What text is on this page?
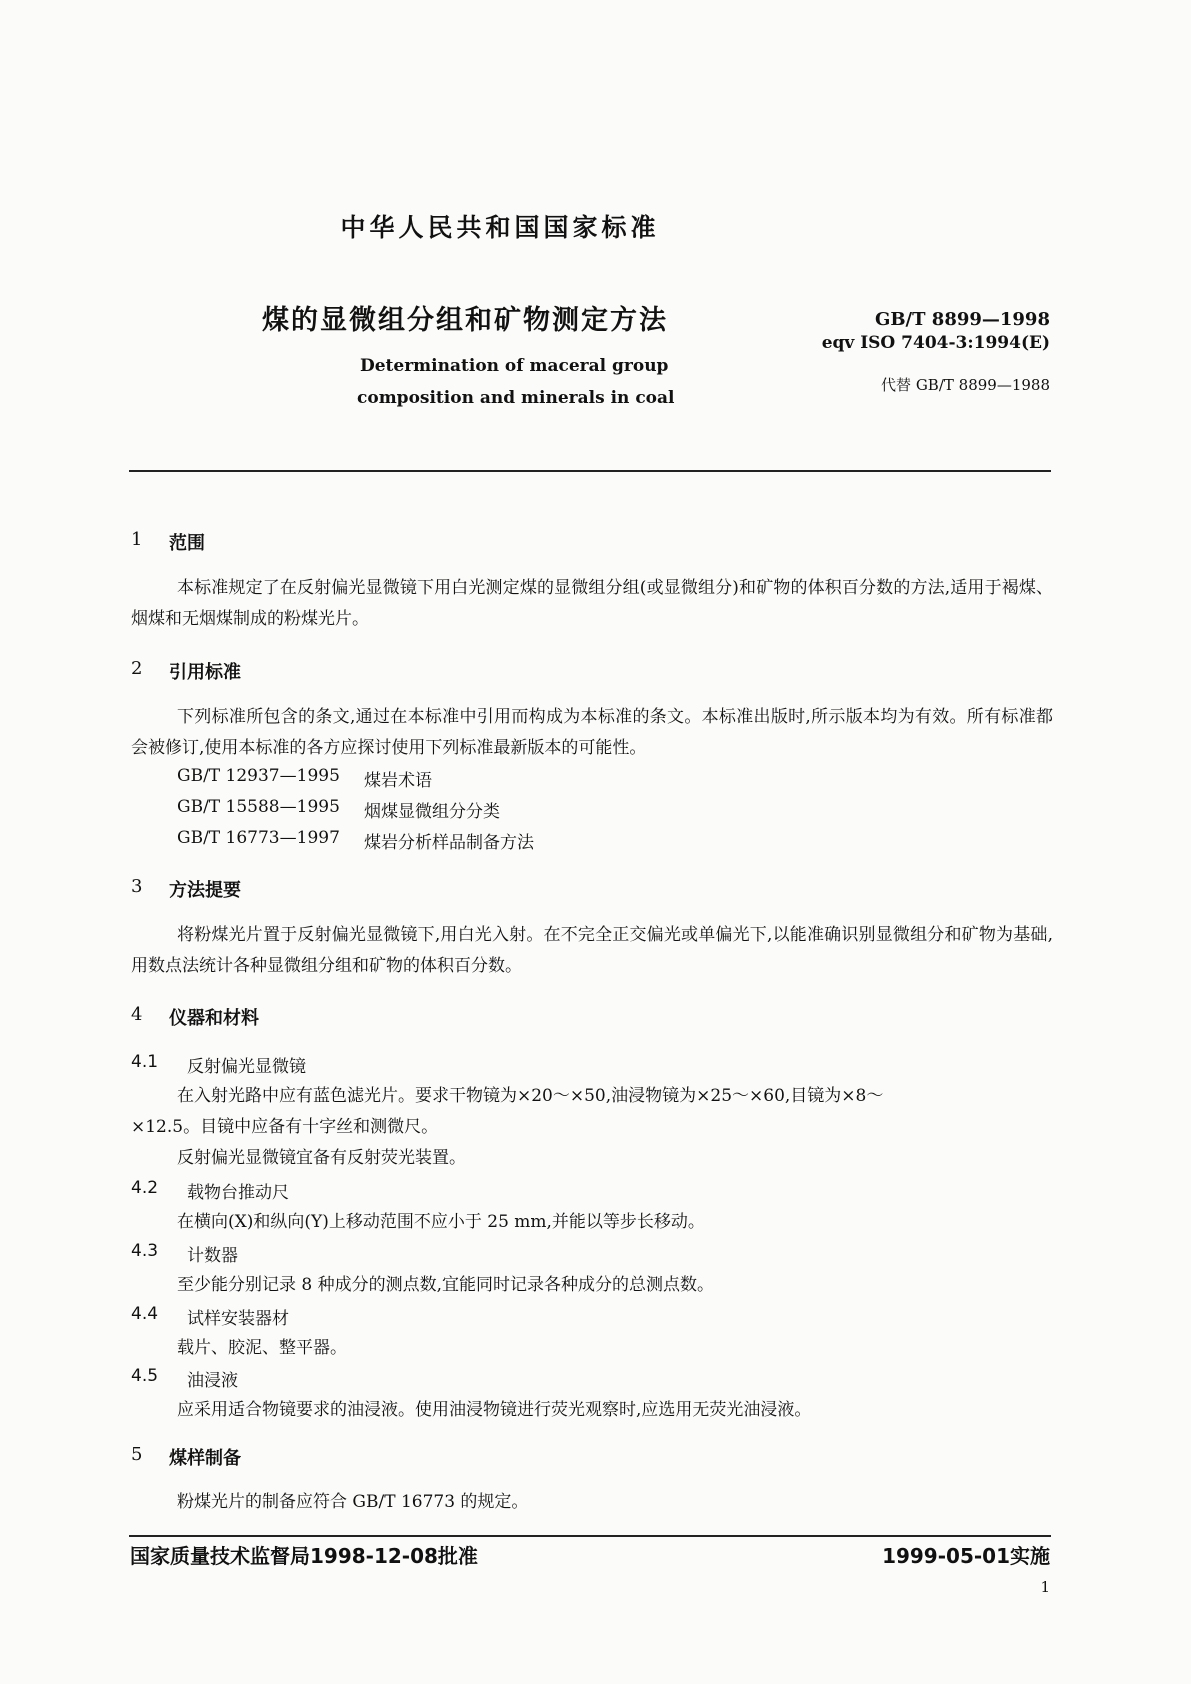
中华人民共和国国家标准
煤的显微组分组和矿物测定方法
Determination of maceral group
composition and minerals in coal
GB/T 8899—1998
eqv ISO 7404-3:1994(E)
代替 GB/T 8899—1988
1 范围
本标准规定了在反射偏光显微镜下用白光测定煤的显微组分组(或显微组分)和矿物的体积百分数的方法,适用于褐煤、烟煤和无烟煤制成的粉煤光片。
2 引用标准
下列标准所包含的条文,通过在本标准中引用而构成为本标准的条文。本标准出版时,所示版本均为有效。所有标准都会被修订,使用本标准的各方应探讨使用下列标准最新版本的可能性。
GB/T 12937—1995 煤岩术语
GB/T 15588—1995 烟煤显微组分分类
GB/T 16773—1997 煤岩分析样品制备方法
3 方法提要
将粉煤光片置于反射偏光显微镜下,用白光入射。在不完全正交偏光或单偏光下,以能准确识别显微组分和矿物为基础,用数点法统计各种显微组分组和矿物的体积百分数。
4 仪器和材料
4.1 反射偏光显微镜
在入射光路中应有蓝色滤光片。要求干物镜为×20～×50,油浸物镜为×25～×60,目镜为×8～
×12.5。目镜中应备有十字丝和测微尺。
反射偏光显微镜宜备有反射荧光装置。
4.2 载物台推动尺
在横向(X)和纵向(Y)上移动范围不应小于 25 mm,并能以等步长移动。
4.3 计数器
至少能分别记录 8 种成分的测点数,宜能同时记录各种成分的总测点数。
4.4 试样安装器材
载片、胶泥、整平器。
4.5 油浸液
应采用适合物镜要求的油浸液。使用油浸物镜进行荧光观察时,应选用无荧光油浸液。
5 煤样制备
粉煤光片的制备应符合 GB/T 16773 的规定。
国家质量技术监督局1998-12-08批准	1999-05-01实施
1
